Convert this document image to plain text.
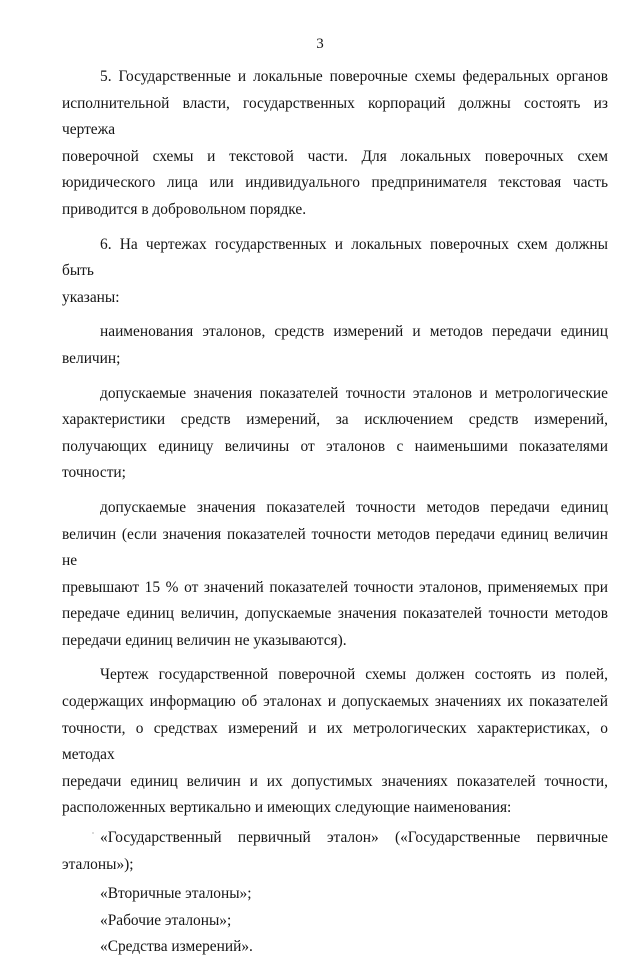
3

5. Государственные и локальные поверочные схемы федеральных органов

исполнительной власти, государственных корпораций должны состоять из чертежа

поверочной схемы и текстовой части. Для локальных поверочных схем

юридического лица или индивидуального предпринимателя текстовая часть

приводится в добровольном порядке.

6. На чертежах государственных и локальных поверочных схем должны быть

указаны:

наименования эталонов, средств измерений и методов передачи единиц

величин;

допускаемые значения показателей точности эталонов и метрологические

характеристики средств измерений, за исключением средств измерений,

получающих единицу величины от эталонов с наименьшими показателями

точности;

допускаемые значения показателей точности методов передачи единиц

величин (если значения показателей точности методов передачи единиц величин не

превышают 15 % от значений показателей точности эталонов, применяемых при

передаче единиц величин, допускаемые значения показателей точности методов

передачи единиц величин не указываются).

Чертеж государственной поверочной схемы должен состоять из полей,

содержащих информацию об эталонах и допускаемых значениях их показателей

точности, о средствах измерений и их метрологических характеристиках, о методах

передачи единиц величин и их допустимых значениях показателей точности,

расположенных вертикально и имеющих следующие наименования:

«Государственный первичный эталон» («Государственные первичные

эталоны»);

«Вторичные эталоны»;

«Рабочие эталоны»;

«Средства измерений».
